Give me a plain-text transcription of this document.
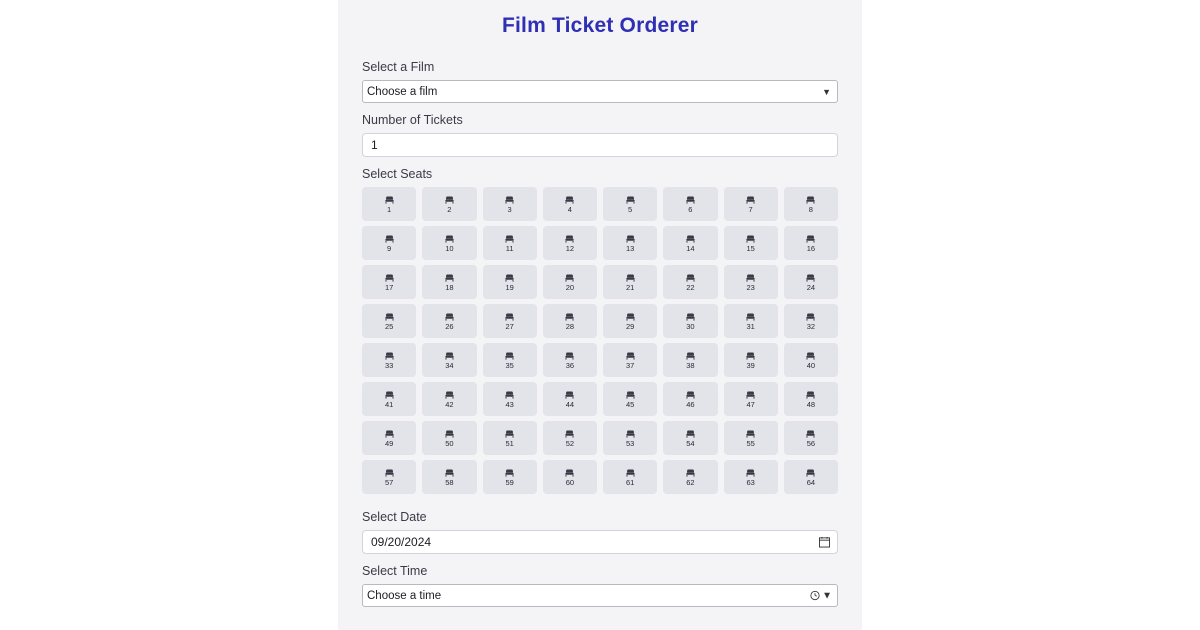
Film Ticket Orderer
Select a Film
Choose a film
▼
Number of Tickets
1
Select Seats
1	2	3	4	5	6	7	8
9	10	11	12	13	14	15	16
17	18	19	20	21	22	23	24
25	26	27	28	29	30	31	32
33	34	35	36	37	38	39	40
41	42	43	44	45	46	47	48
49	50	51	52	53	54	55	56
57	58	59	60	61	62	63	64
Select Date
09/20/2024
Select Time
Choose a time
▼
